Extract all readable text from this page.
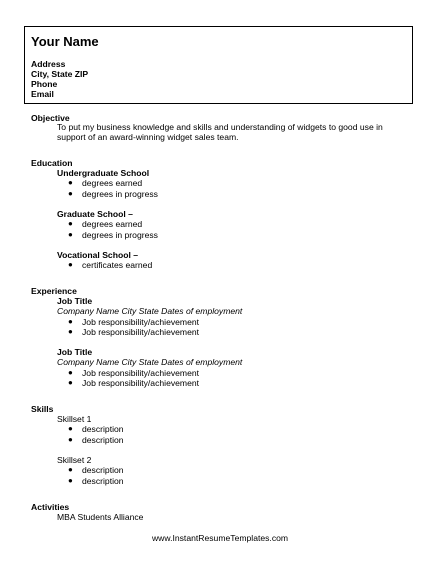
Your Name
Address
City, State ZIP
Phone
Email
Objective
To put my business knowledge and skills and understanding of widgets to good use in
support of an award-winning widget sales team.
Education
Undergraduate School
● degrees earned
● degrees in progress
Graduate School –
● degrees earned
● degrees in progress
Vocational School –
● certificates earned
Experience
Job Title
Company Name City State Dates of employment
● Job responsibility/achievement
● Job responsibility/achievement
Job Title
Company Name City State Dates of employment
● Job responsibility/achievement
● Job responsibility/achievement
Skills
Skillset 1
● description
● description
Skillset 2
● description
● description
Activities
MBA Students Alliance
www.InstantResumeTemplates.com
